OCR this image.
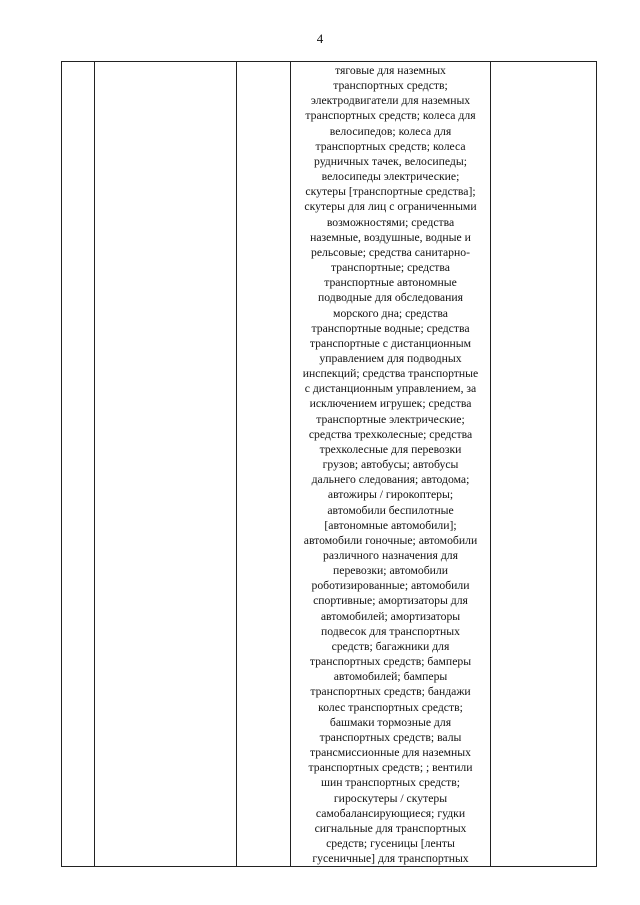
4

тяговые для наземных
транспортных средств;
электродвигатели для наземных
транспортных средств; колеса для
велосипедов; колеса для
транспортных средств; колеса
рудничных тачек, велосипеды;
велосипеды электрические;
скутеры [транспортные средства];
скутеры для лиц с ограниченными
возможностями; средства
наземные, воздушные, водные и
рельсовые; средства санитарно-
транспортные; средства
транспортные автономные
подводные для обследования
морского дна; средства
транспортные водные; средства
транспортные с дистанционным
управлением для подводных
инспекций; средства транспортные
с дистанционным управлением, за
исключением игрушек; средства
транспортные электрические;
средства трехколесные; средства
трехколесные для перевозки
грузов; автобусы; автобусы
дальнего следования; автодома;
автожиры / гирокоптеры;
автомобили беспилотные
[автономные автомобили];
автомобили гоночные; автомобили
различного назначения для
перевозки; автомобили
роботизированные; автомобили
спортивные; амортизаторы для
автомобилей; амортизаторы
подвесок для транспортных
средств; багажники для
транспортных средств; бамперы
автомобилей; бамперы
транспортных средств; бандажи
колес транспортных средств;
башмаки тормозные для
транспортных средств; валы
трансмиссионные для наземных
транспортных средств; ; вентили
шин транспортных средств;
гироскутеры / скутеры
самобалансирующиеся; гудки
сигнальные для транспортных
средств; гусеницы [ленты
гусеничные] для транспортных
